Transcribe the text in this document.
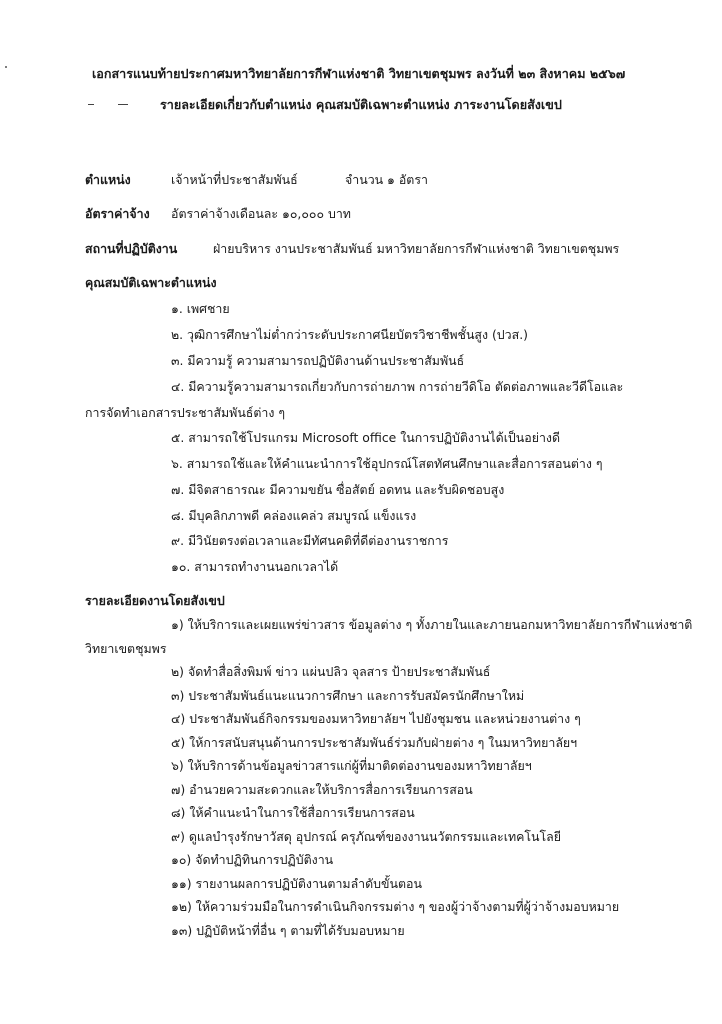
เอกสารแนบท้ายประกาศมหาวิทยาลัยการกีฬาแห่งชาติ วิทยาเขตชุมพร ลงวันที่ ๒๓ สิงหาคม ๒๕๖๗
รายละเอียดเกี่ยวกับตำแหน่ง คุณสมบัติเฉพาะตำแหน่ง ภาระงานโดยสังเขป
ตำแหน่ง	เจ้าหน้าที่ประชาสัมพันธ์	จำนวน ๑ อัตรา
อัตราค่าจ้าง อัตราค่าจ้างเดือนละ ๑๐,๐๐๐ บาท
สถานที่ปฏิบัติงาน	ฝ่ายบริหาร งานประชาสัมพันธ์ มหาวิทยาลัยการกีฬาแห่งชาติ วิทยาเขตชุมพร
คุณสมบัติเฉพาะตำแหน่ง
๑. เพศชาย
๒. วุฒิการศึกษาไม่ต่ำกว่าระดับประกาศนียบัตรวิชาชีพชั้นสูง (ปวส.)
๓. มีความรู้ ความสามารถปฏิบัติงานด้านประชาสัมพันธ์
๔. มีความรู้ความสามารถเกี่ยวกับการถ่ายภาพ การถ่ายวีดิโอ ตัดต่อภาพและวีดีโอและ
การจัดทำเอกสารประชาสัมพันธ์ต่าง ๆ
๕. สามารถใช้โปรแกรม Microsoft office ในการปฏิบัติงานได้เป็นอย่างดี
๖. สามารถใช้และให้คำแนะนำการใช้อุปกรณ์โสตทัศนศึกษาและสื่อการสอนต่าง ๆ
๗. มีจิตสาธารณะ มีความขยัน ซื่อสัตย์ อดทน และรับผิดชอบสูง
๘. มีบุคลิกภาพดี คล่องแคล่ว สมบูรณ์ แข็งแรง
๙. มีวินัยตรงต่อเวลาและมีทัศนคติที่ดีต่องานราชการ
๑๐. สามารถทำงานนอกเวลาได้
รายละเอียดงานโดยสังเขป
๑) ให้บริการและเผยแพร่ข่าวสาร ข้อมูลต่าง ๆ ทั้งภายในและภายนอกมหาวิทยาลัยการกีฬาแห่งชาติ
วิทยาเขตชุมพร
๒) จัดทำสื่อสิ่งพิมพ์ ข่าว แผ่นปลิว จุลสาร ป้ายประชาสัมพันธ์
๓) ประชาสัมพันธ์แนะแนวการศึกษา และการรับสมัครนักศึกษาใหม่
๔) ประชาสัมพันธ์กิจกรรมของมหาวิทยาลัยฯ ไปยังชุมชน และหน่วยงานต่าง ๆ
๕) ให้การสนับสนุนด้านการประชาสัมพันธ์ร่วมกับฝ่ายต่าง ๆ ในมหาวิทยาลัยฯ
๖) ให้บริการด้านข้อมูลข่าวสารแก่ผู้ที่มาติดต่องานของมหาวิทยาลัยฯ
๗) อำนวยความสะดวกและให้บริการสื่อการเรียนการสอน
๘) ให้คำแนะนำในการใช้สื่อการเรียนการสอน
๙) ดูแลบำรุงรักษาวัสดุ อุปกรณ์ ครุภัณฑ์ของงานนวัตกรรมและเทคโนโลยี
๑๐) จัดทำปฏิทินการปฏิบัติงาน
๑๑) รายงานผลการปฏิบัติงานตามลำดับขั้นตอน
๑๒) ให้ความร่วมมือในการดำเนินกิจกรรมต่าง ๆ ของผู้ว่าจ้างตามที่ผู้ว่าจ้างมอบหมาย
๑๓) ปฏิบัติหน้าที่อื่น ๆ ตามที่ได้รับมอบหมาย
